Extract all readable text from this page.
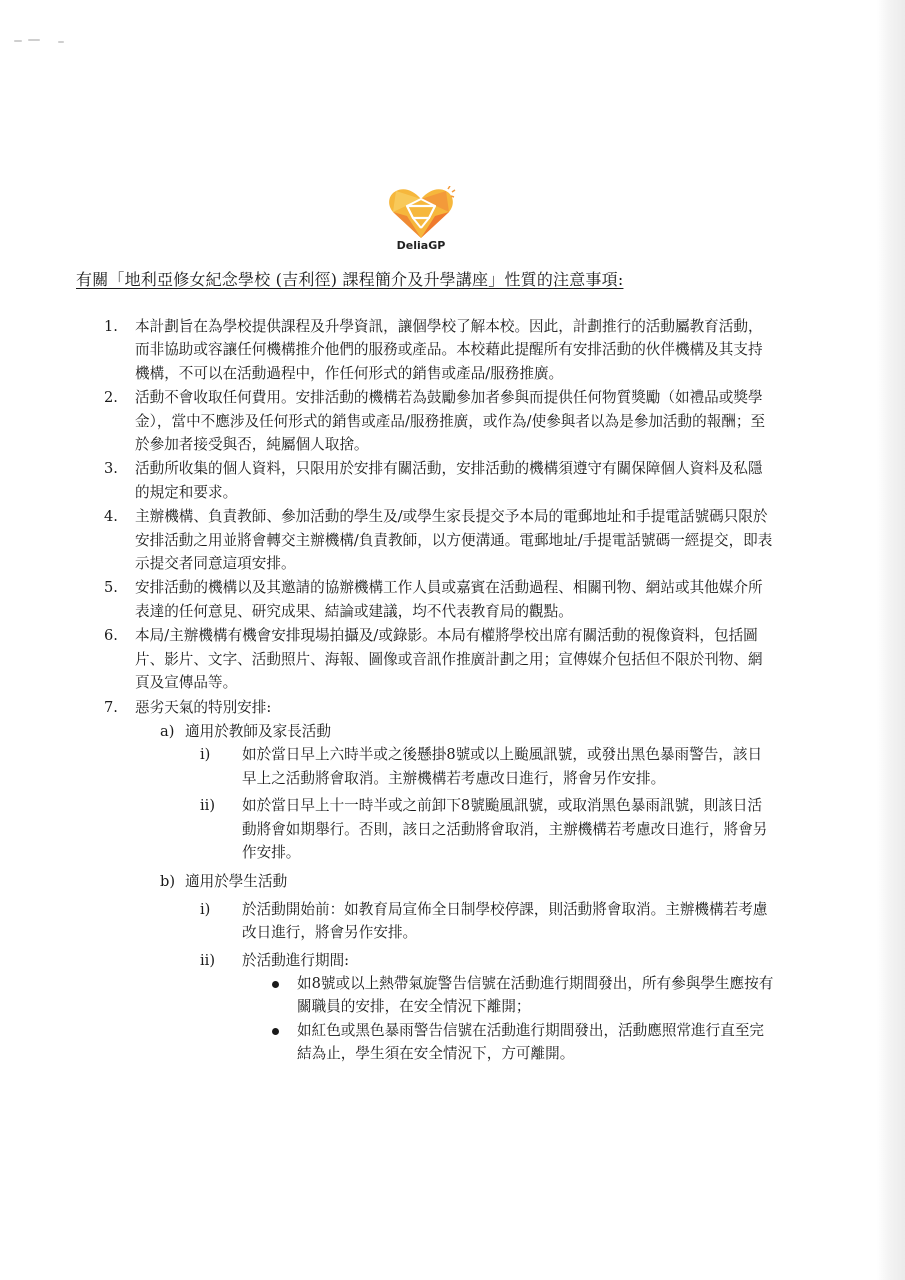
DeliaGP
有關「地利亞修女紀念學校 (吉利徑) 課程簡介及升學講座」性質的注意事項:
1. 本計劃旨在為學校提供課程及升學資訊，讓個學校了解本校。因此，計劃推行的活動屬教育活動，而非協助或容讓任何機構推介他們的服務或產品。本校藉此提醒所有安排活動的伙伴機構及其支持機構，不可以在活動過程中，作任何形式的銷售或產品/服務推廣。
2. 活動不會收取任何費用。安排活動的機構若為鼓勵參加者參與而提供任何物質獎勵（如禮品或獎學金），當中不應涉及任何形式的銷售或產品/服務推廣，或作為/使參與者以為是參加活動的報酬；至於參加者接受與否，純屬個人取捨。
3. 活動所收集的個人資料，只限用於安排有關活動，安排活動的機構須遵守有關保障個人資料及私隱的規定和要求。
4. 主辦機構、負責教師、參加活動的學生及/或學生家長提交予本局的電郵地址和手提電話號碼只限於安排活動之用並將會轉交主辦機構/負責教師，以方便溝通。電郵地址/手提電話號碼一經提交，即表示提交者同意這項安排。
5. 安排活動的機構以及其邀請的協辦機構工作人員或嘉賓在活動過程、相關刊物、網站或其他媒介所表達的任何意見、研究成果、結論或建議，均不代表教育局的觀點。
6. 本局/主辦機構有機會安排現場拍攝及/或錄影。本局有權將學校出席有關活動的視像資料，包括圖片、影片、文字、活動照片、海報、圖像或音訊作推廣計劃之用；宣傳媒介包括但不限於刊物、網頁及宣傳品等。
7. 惡劣天氣的特別安排:
a) 適用於教師及家長活動
i) 如於當日早上六時半或之後懸掛8號或以上颱風訊號，或發出黑色暴雨警告，該日早上之活動將會取消。主辦機構若考慮改日進行，將會另作安排。
ii) 如於當日早上十一時半或之前卸下8號颱風訊號，或取消黑色暴雨訊號，則該日活動將會如期舉行。否則，該日之活動將會取消，主辦機構若考慮改日進行，將會另作安排。
b) 適用於學生活動
i) 於活動開始前：如教育局宣佈全日制學校停課，則活動將會取消。主辦機構若考慮改日進行，將會另作安排。
ii) 於活動進行期間:
如8號或以上熱帶氣旋警告信號在活動進行期間發出，所有參與學生應按有關職員的安排，在安全情況下離開；
如紅色或黑色暴雨警告信號在活動進行期間發出，活動應照常進行直至完結為止，學生須在安全情況下，方可離開。
